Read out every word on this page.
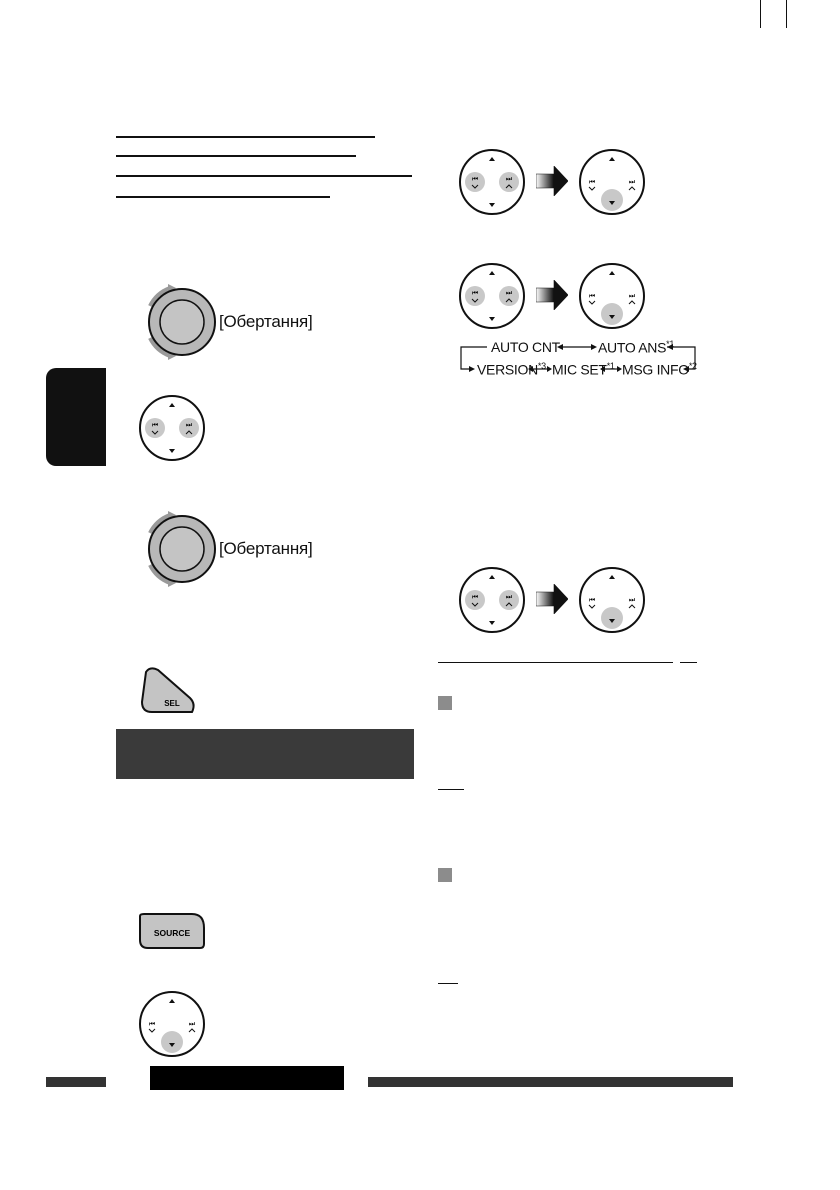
[Обертання]
⏮	⏭
[Обертання]
SEL
SOURCE
⏮	⏭
⏮	⏭	⏮	⏭
⏮	⏭	⏮	⏭
AUTO CNT	AUTO ANS$^{*1}$
VERSION$^{*3}$ MIC SET$^{*1}$ MSG INFO$^{*2}$
⏮	⏭	⏮	⏭
